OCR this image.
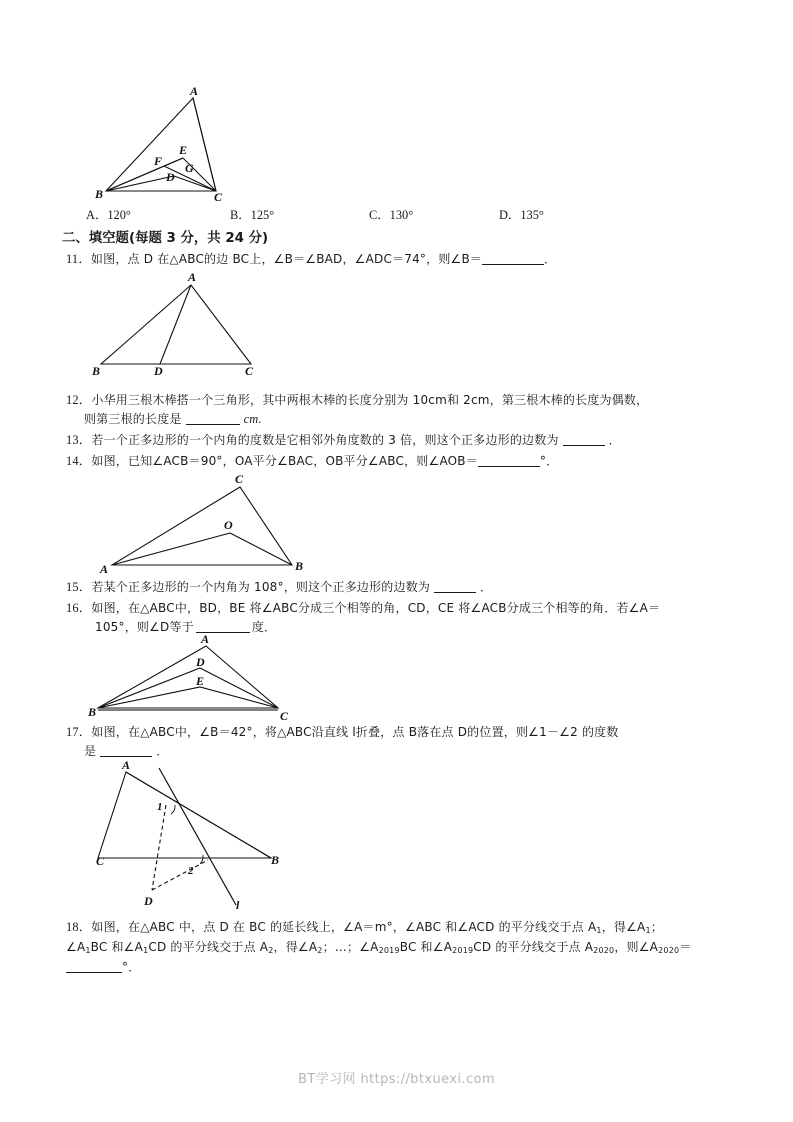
A
E
F G
D
B	C
A．120°	B．125°	C．130°	D．135°
二、填空题(每题 3 分，共 24 分)
11．如图，点 D 在△ABC的边 BC上，∠B＝∠BAD，∠ADC＝74°，则∠B＝	．
A
B	D	C
12．小华用三根木棒搭一个三角形，其中两根木棒的长度分别为 10cm和 2cm，第三根木棒的长度为偶数，
则第三根的长度是	cm.
13．若一个正多边形的一个内角的度数是它相邻外角度数的 3 倍，则这个正多边形的边数为	．
14．如图，已知∠ACB＝90°，OA平分∠BAC，OB平分∠ABC，则∠AOB＝	°．
C
O
A	B
15．若某个正多边形的一个内角为 108°，则这个正多边形的边数为	．
16．如图，在△ABC中，BD，BE 将∠ABC分成三个相等的角，CD，CE 将∠ACB分成三个相等的角．若∠A＝
105°，则∠D等于	度．
A
D
E
B	C
17．如图，在△ABC中，∠B＝42°，将△ABC沿直线 l折叠，点 B落在点 D的位置，则∠1－∠2 的度数
是	．
A
C	B
D	l
1
2
18．如图，在△ABC 中，点 D 在 BC 的延长线上，∠A＝m°，∠ABC 和∠ACD 的平分线交于点 $A_1$，得$\angle A_1$；
$\angle A_1BC$ 和$\angle A_1CD$ 的平分线交于点 $A_2$，得$\angle A_2$；…；$\angle A_{2019}BC$ 和$\angle A_{2019}CD$ 的平分线交于点 $A_{2020}$，则$\angle A_{2020}=$
°．
BT学习网 https://btxuexi.com
